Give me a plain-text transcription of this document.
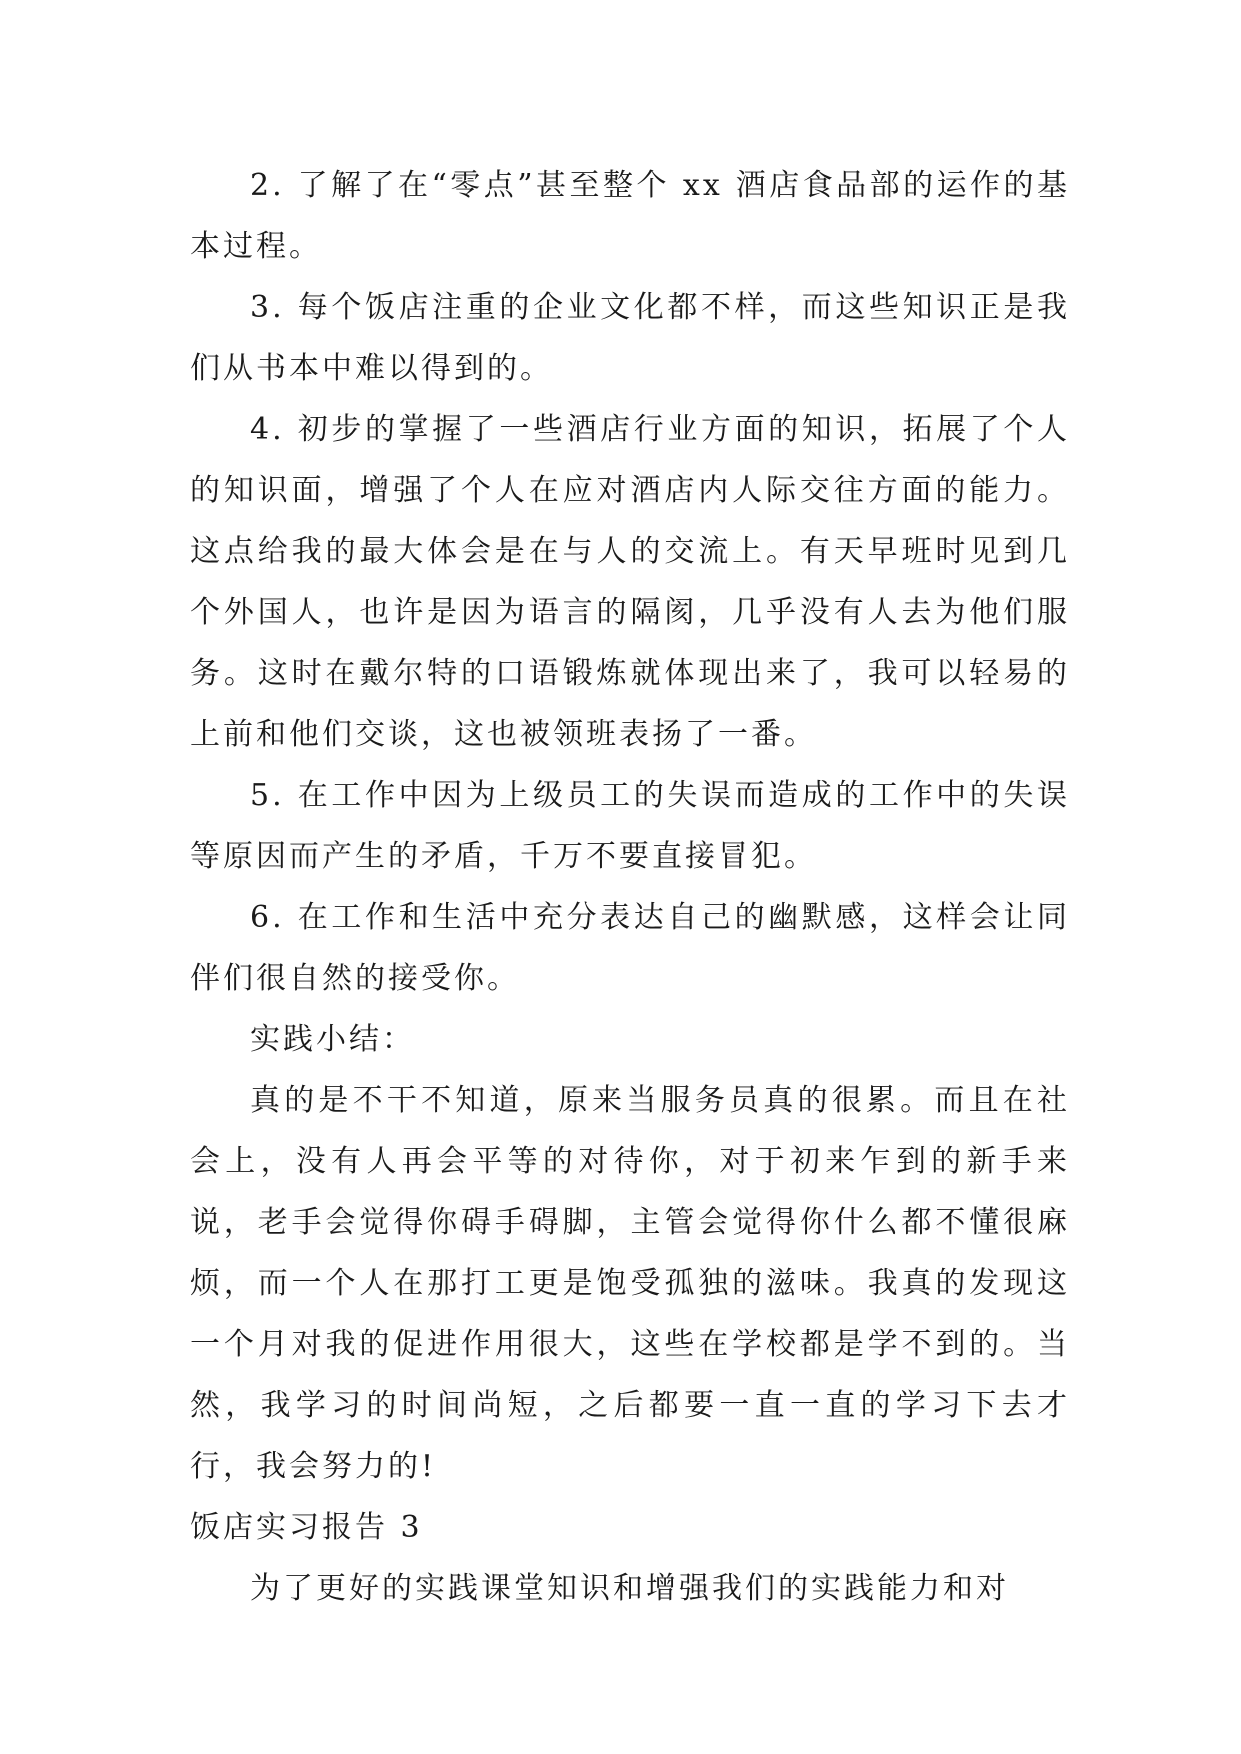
2. 了解了在“零点”甚至整个 xx 酒店食品部的运作的基本过程。

3. 每个饭店注重的企业文化都不样，而这些知识正是我们从书本中难以得到的。

4. 初步的掌握了一些酒店行业方面的知识，拓展了个人的知识面，增强了个人在应对酒店内人际交往方面的能力。这点给我的最大体会是在与人的交流上。有天早班时见到几个外国人，也许是因为语言的隔阂，几乎没有人去为他们服务。这时在戴尔特的口语锻炼就体现出来了，我可以轻易的上前和他们交谈，这也被领班表扬了一番。

5. 在工作中因为上级员工的失误而造成的工作中的失误等原因而产生的矛盾，千万不要直接冒犯。

6. 在工作和生活中充分表达自己的幽默感，这样会让同伴们很自然的接受你。

实践小结：

真的是不干不知道，原来当服务员真的很累。而且在社会上，没有人再会平等的对待你，对于初来乍到的新手来说，老手会觉得你碍手碍脚，主管会觉得你什么都不懂很麻烦，而一个人在那打工更是饱受孤独的滋味。我真的发现这一个月对我的促进作用很大，这些在学校都是学不到的。当然，我学习的时间尚短，之后都要一直一直的学习下去才行，我会努力的!

饭店实习报告 3

为了更好的实践课堂知识和增强我们的实践能力和对
